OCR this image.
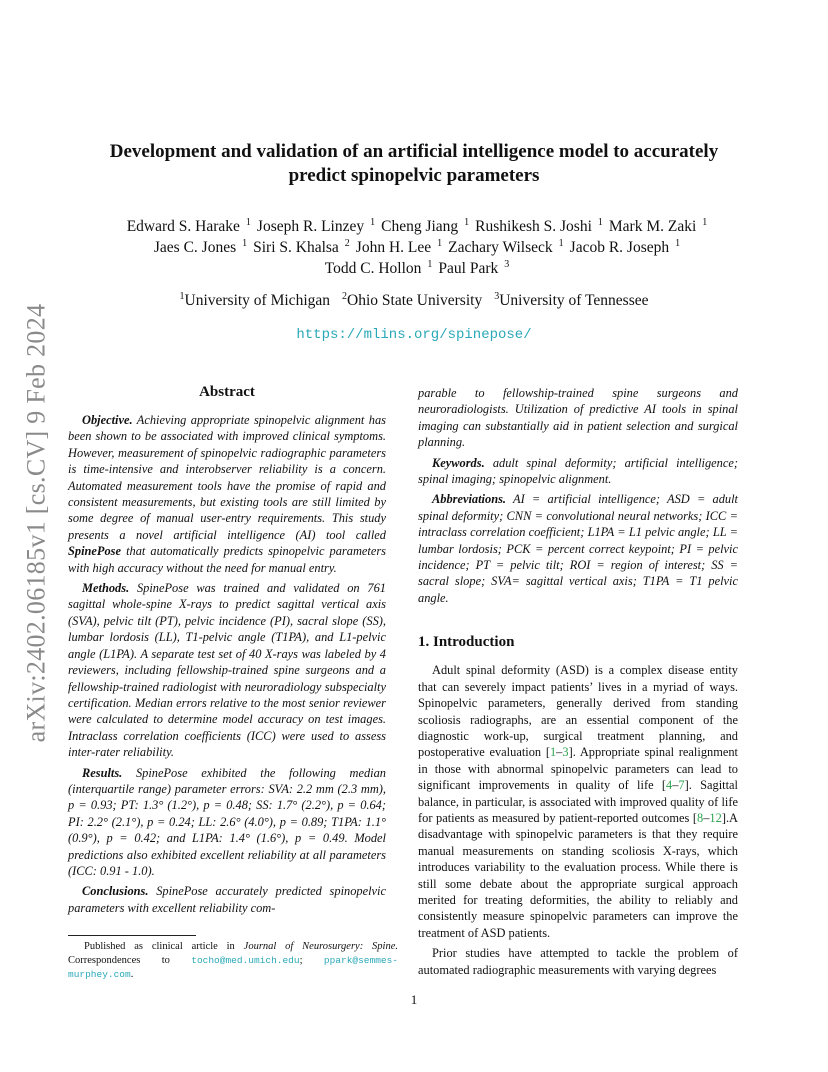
arXiv:2402.06185v1 [cs.CV] 9 Feb 2024
Development and validation of an artificial intelligence model to accurately
predict spinopelvic parameters
Edward S. Harake $^1$ Joseph R. Linzey $^1$ Cheng Jiang $^1$ Rushikesh S. Joshi $^1$ Mark M. Zaki $^1$
Jaes C. Jones $^1$ Siri S. Khalsa $^2$ John H. Lee $^1$ Zachary Wilseck $^1$ Jacob R. Joseph $^1$
Todd C. Hollon $^1$ Paul Park $^3$
$^1$University of Michigan $^2$Ohio State University $^3$University of Tennessee
https://mlins.org/spinepose/
Abstract

Objective. Achieving appropriate spinopelvic alignment has been shown to be associated with improved clinical symptoms. However, measurement of spinopelvic radiographic parameters is time-intensive and interobserver reliability is a concern. Automated measurement tools have the promise of rapid and consistent measurements, but existing tools are still limited by some degree of manual user-entry requirements. This study presents a novel artificial intelligence (AI) tool called SpinePose that automatically predicts spinopelvic parameters with high accuracy without the need for manual entry.

Methods. SpinePose was trained and validated on 761 sagittal whole-spine X-rays to predict sagittal vertical axis (SVA), pelvic tilt (PT), pelvic incidence (PI), sacral slope (SS), lumbar lordosis (LL), T1-pelvic angle (T1PA), and L1-pelvic angle (L1PA). A separate test set of 40 X-rays was labeled by 4 reviewers, including fellowship-trained spine surgeons and a fellowship-trained radiologist with neuroradiology subspecialty certification. Median errors relative to the most senior reviewer were calculated to determine model accuracy on test images. Intraclass correlation coefficients (ICC) were used to assess inter-rater reliability.

Results. SpinePose exhibited the following median (interquartile range) parameter errors: SVA: 2.2 mm (2.3 mm), p = 0.93; PT: 1.3° (1.2°), p = 0.48; SS: 1.7° (2.2°), p = 0.64; PI: 2.2° (2.1°), p = 0.24; LL: 2.6° (4.0°), p = 0.89; T1PA: 1.1° (0.9°), p = 0.42; and L1PA: 1.4° (1.6°), p = 0.49. Model predictions also exhibited excellent reliability at all parameters (ICC: 0.91 - 1.0).

Conclusions. SpinePose accurately predicted spinopelvic parameters with excellent reliability com-

parable to fellowship-trained spine surgeons and neuroradiologists. Utilization of predictive AI tools in spinal imaging can substantially aid in patient selection and surgical planning.

Keywords. adult spinal deformity; artificial intelligence; spinal imaging; spinopelvic alignment.

Abbreviations. AI = artificial intelligence; ASD = adult spinal deformity; CNN = convolutional neural networks; ICC = intraclass correlation coefficient; L1PA = L1 pelvic angle; LL = lumbar lordosis; PCK = percent correct keypoint; PI = pelvic incidence; PT = pelvic tilt; ROI = region of interest; SS = sacral slope; SVA= sagittal vertical axis; T1PA = T1 pelvic angle.

1. Introduction

Adult spinal deformity (ASD) is a complex disease entity that can severely impact patients’ lives in a myriad of ways. Spinopelvic parameters, generally derived from standing scoliosis radiographs, are an essential component of the diagnostic work-up, surgical treatment planning, and postoperative evaluation [1–3]. Appropriate spinal realignment in those with abnormal spinopelvic parameters can lead to significant improvements in quality of life [4–7]. Sagittal balance, in particular, is associated with improved quality of life for patients as measured by patient-reported outcomes [8–12].A disadvantage with spinopelvic parameters is that they require manual measurements on standing scoliosis X-rays, which introduces variability to the evaluation process. While there is still some debate about the appropriate surgical approach merited for treating deformities, the ability to reliably and consistently measure spinopelvic parameters can improve the treatment of ASD patients.

Prior studies have attempted to tackle the problem of automated radiographic measurements with varying degrees

Published as clinical article in Journal of Neurosurgery: Spine. Correspondences to tocho@med.umich.edu; ppark@semmes-murphey.com.
1
